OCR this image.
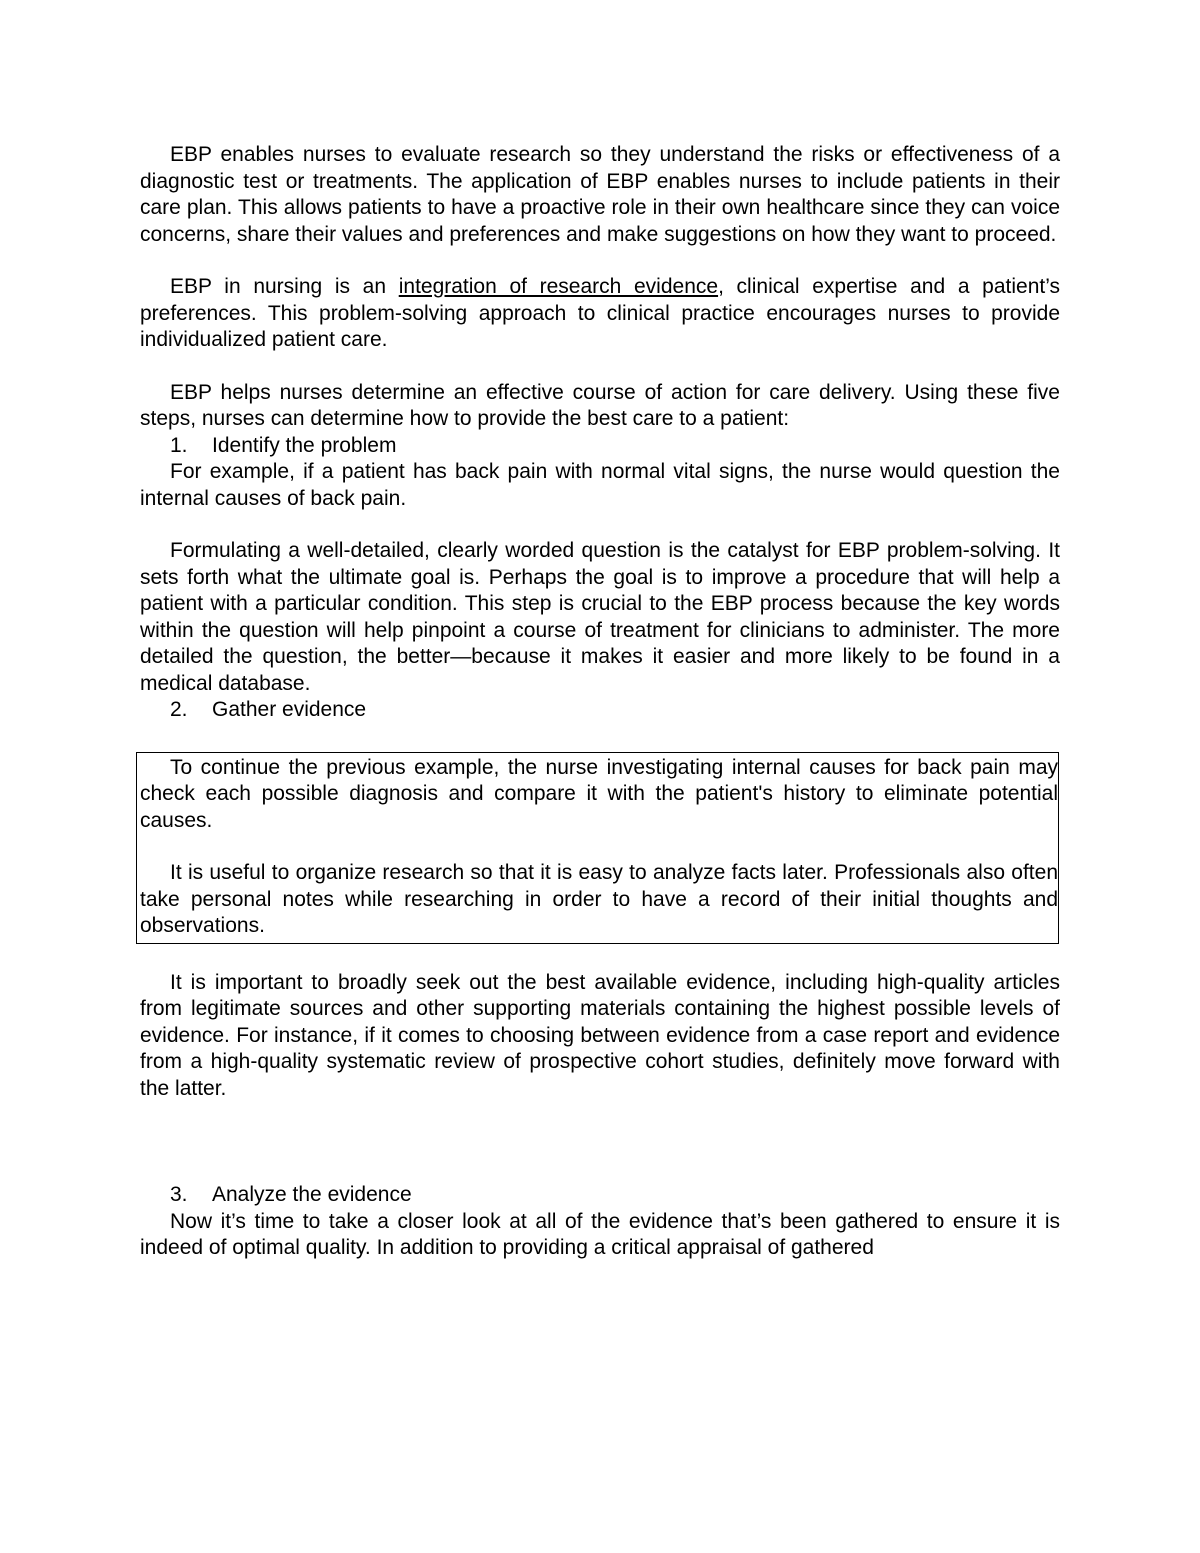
EBP enables nurses to evaluate research so they understand the risks or effectiveness of a diagnostic test or treatments. The application of EBP enables nurses to include patients in their care plan. This allows patients to have a proactive role in their own healthcare since they can voice concerns, share their values and preferences and make suggestions on how they want to proceed.

EBP in nursing is an integration of research evidence, clinical expertise and a patient’s preferences. This problem-solving approach to clinical practice encourages nurses to provide individualized patient care.

EBP helps nurses determine an effective course of action for care delivery. Using these five steps, nurses can determine how to provide the best care to a patient:

1. Identify the problem

For example, if a patient has back pain with normal vital signs, the nurse would question the internal causes of back pain.

Formulating a well-detailed, clearly worded question is the catalyst for EBP problem-solving. It sets forth what the ultimate goal is. Perhaps the goal is to improve a procedure that will help a patient with a particular condition. This step is crucial to the EBP process because the key words within the question will help pinpoint a course of treatment for clinicians to administer. The more detailed the question, the better—because it makes it easier and more likely to be found in a medical database.

2. Gather evidence

To continue the previous example, the nurse investigating internal causes for back pain may check each possible diagnosis and compare it with the patient's history to eliminate potential causes.

It is useful to organize research so that it is easy to analyze facts later. Professionals also often take personal notes while researching in order to have a record of their initial thoughts and observations.

It is important to broadly seek out the best available evidence, including high-quality articles from legitimate sources and other supporting materials containing the highest possible levels of evidence. For instance, if it comes to choosing between evidence from a case report and evidence from a high-quality systematic review of prospective cohort studies, definitely move forward with the latter.

3. Analyze the evidence

Now it’s time to take a closer look at all of the evidence that’s been gathered to ensure it is indeed of optimal quality. In addition to providing a critical appraisal of gathered
